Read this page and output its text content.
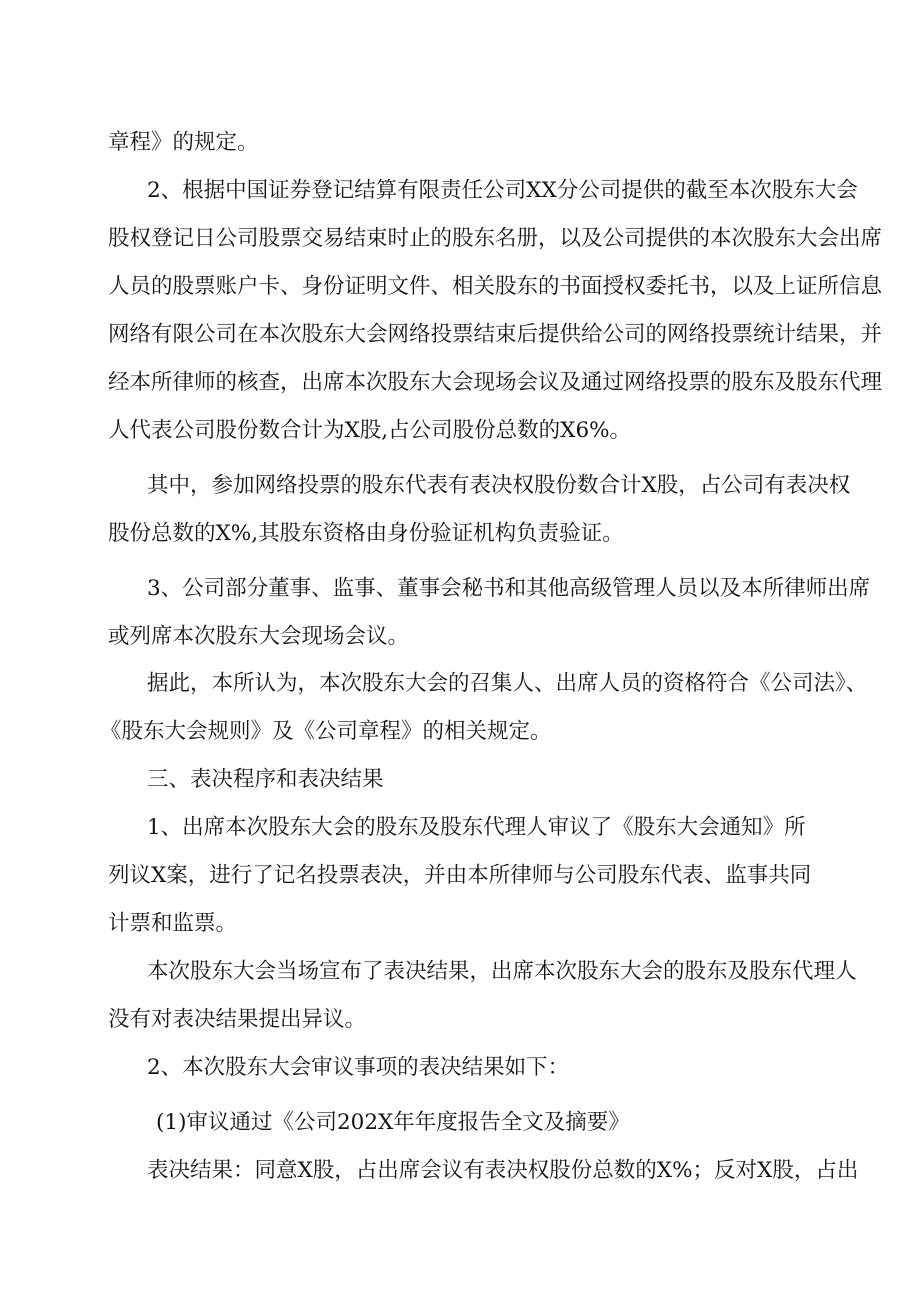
章程》的规定。
2、根据中国证券登记结算有限责任公司XX分公司提供的截至本次股东大会
股权登记日公司股票交易结束时止的股东名册，以及公司提供的本次股东大会出席
人员的股票账户卡、身份证明文件、相关股东的书面授权委托书，以及上证所信息
网络有限公司在本次股东大会网络投票结束后提供给公司的网络投票统计结果，并
经本所律师的核查，出席本次股东大会现场会议及通过网络投票的股东及股东代理
人代表公司股份数合计为X股,占公司股份总数的X6%。
其中，参加网络投票的股东代表有表决权股份数合计X股，占公司有表决权
股份总数的X%,其股东资格由身份验证机构负责验证。
3、公司部分董事、监事、董事会秘书和其他高级管理人员以及本所律师出席
或列席本次股东大会现场会议。
据此，本所认为，本次股东大会的召集人、出席人员的资格符合《公司法》、
《股东大会规则》及《公司章程》的相关规定。
三、表决程序和表决结果
1、出席本次股东大会的股东及股东代理人审议了《股东大会通知》所
列议X案，进行了记名投票表决，并由本所律师与公司股东代表、监事共同
计票和监票。
本次股东大会当场宣布了表决结果，出席本次股东大会的股东及股东代理人
没有对表决结果提出异议。
2、本次股东大会审议事项的表决结果如下：
(1)审议通过《公司202X年年度报告全文及摘要》
表决结果：同意X股，占出席会议有表决权股份总数的X%；反对X股，占出
